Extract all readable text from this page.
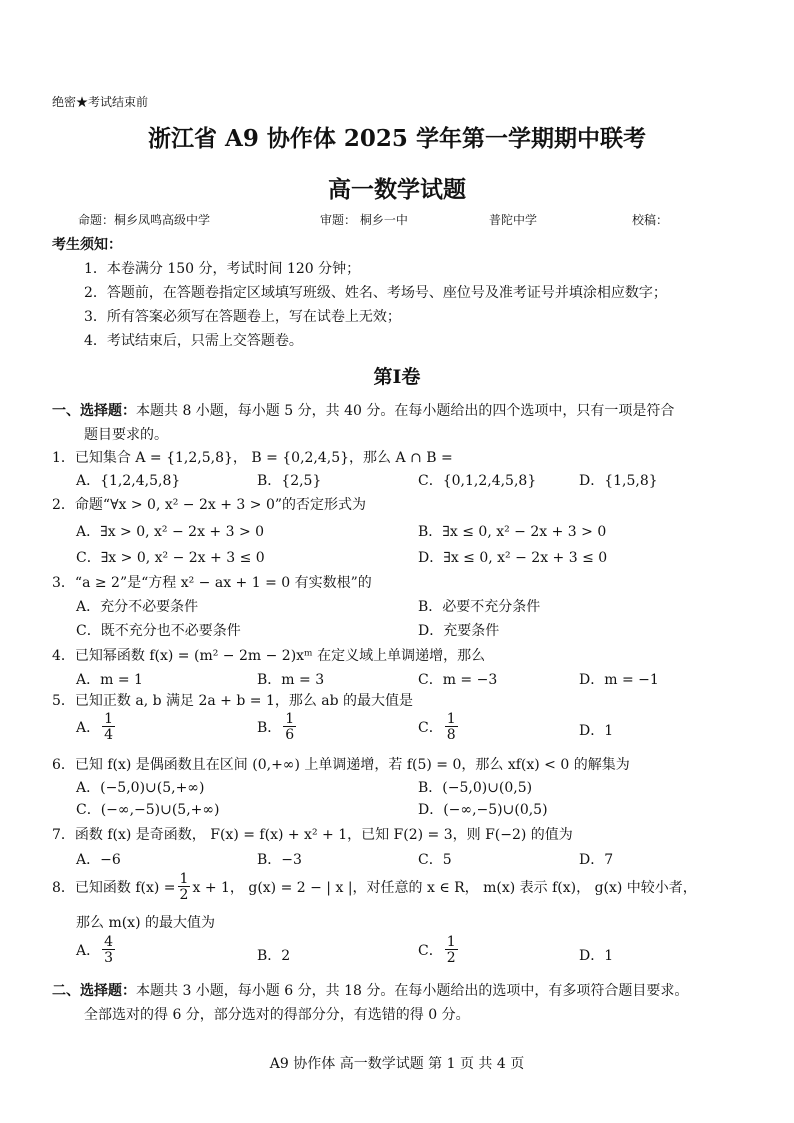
绝密★考试结束前
浙江省 A9 协作体 2025 学年第一学期期中联考
高一数学试题
命题：桐乡凤鸣高级中学	审题： 桐乡一中	普陀中学	校稿：
考生须知：
1．本卷满分 150 分，考试时间 120 分钟；
2．答题前，在答题卷指定区域填写班级、姓名、考场号、座位号及准考证号并填涂相应数字；
3．所有答案必须写在答题卷上，写在试卷上无效；
4．考试结束后，只需上交答题卷。
第Ⅰ卷
一、选择题：本题共 8 小题，每小题 5 分，共 40 分。在每小题给出的四个选项中，只有一项是符合
题目要求的。
1．已知集合 A = {1,2,5,8}， B = {0,2,4,5}，那么 A ∩ B =
A．{1,2,4,5,8}	B．{2,5}	C．{0,1,2,4,5,8}	D．{1,5,8}
2．命题“∀x > 0, x² − 2x + 3 > 0”的否定形式为
A．∃x > 0, x² − 2x + 3 > 0	B．∃x ≤ 0, x² − 2x + 3 > 0
C．∃x > 0, x² − 2x + 3 ≤ 0	D．∃x ≤ 0, x² − 2x + 3 ≤ 0
3．“a ≥ 2”是“方程 x² − ax + 1 = 0 有实数根”的
A．充分不必要条件	B．必要不充分条件
C．既不充分也不必要条件	D．充要条件
4．已知幂函数 f(x) = (m² − 2m − 2)xᵐ 在定义域上单调递增，那么
A．m = 1	B．m = 3	C．m = −3	D．m = −1
5．已知正数 a, b 满足 2a + b = 1，那么 ab 的最大值是
A． $\frac{1}{4}$	B． $\frac{1}{6}$	C． $\frac{1}{8}$	D．1
6．已知 f(x) 是偶函数且在区间 (0,+∞) 上单调递增，若 f(5) = 0，那么 xf(x) < 0 的解集为
A．(−5,0)∪(5,+∞)	B．(−5,0)∪(0,5)
C．(−∞,−5)∪(5,+∞)	D．(−∞,−5)∪(0,5)
7．函数 f(x) 是奇函数， F(x) = f(x) + x² + 1，已知 F(2) = 3，则 F(−2) 的值为
A．−6	B．−3	C．5	D．7
8．已知函数 $f(x) = \frac{1}{2}$ x + 1， g(x) = 2 − | x |，对任意的 x ∈ R， m(x) 表示 f(x)， g(x) 中较小者，
那么 m(x) 的最大值为
A． $\frac{4}{3}$	B．2	C． $\frac{1}{2}$	D．1
二、选择题：本题共 3 小题，每小题 6 分，共 18 分。在每小题给出的选项中，有多项符合题目要求。
全部选对的得 6 分，部分选对的得部分分，有选错的得 0 分。
A9 协作体 高一数学试题 第 1 页 共 4 页
